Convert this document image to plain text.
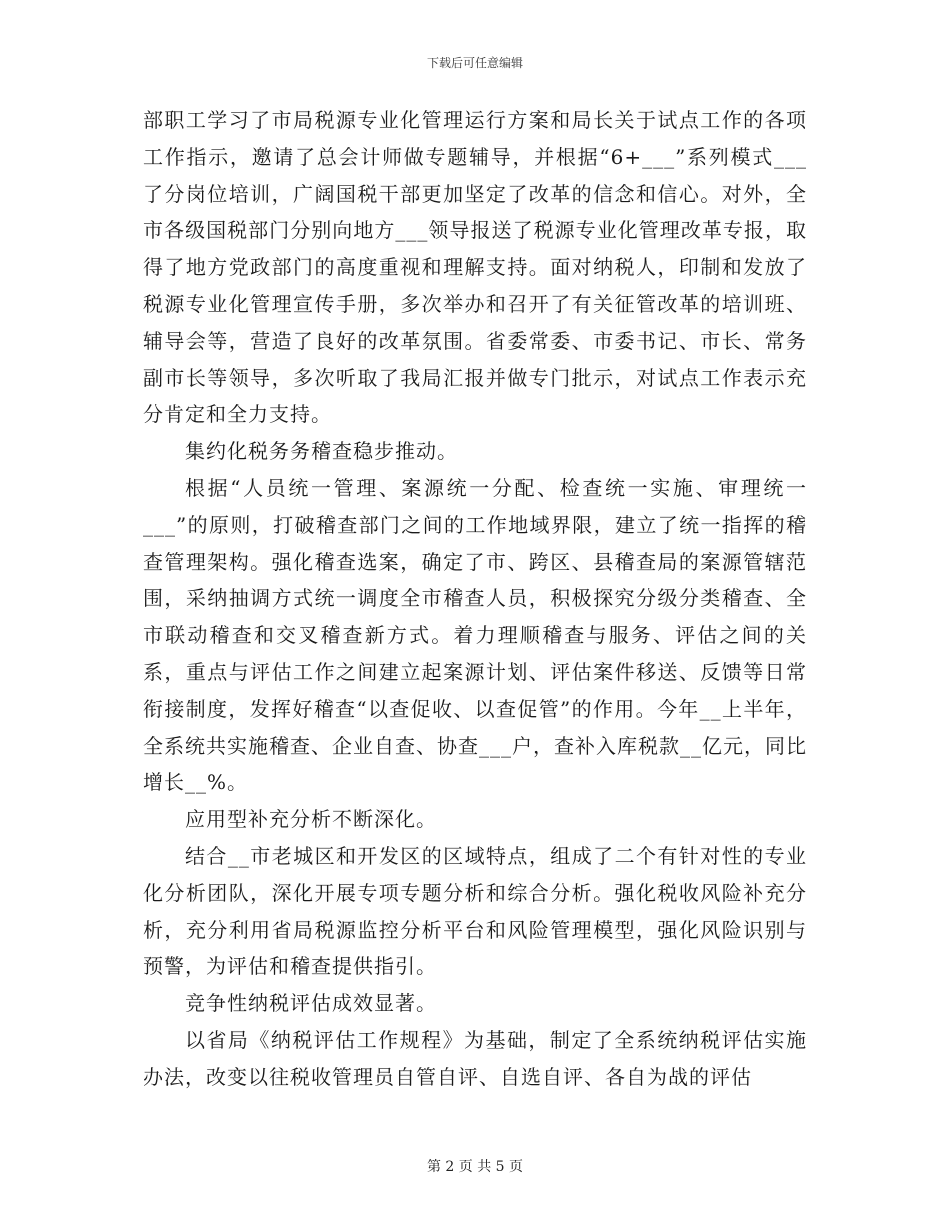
下载后可任意编辑

部职工学习了市局税源专业化管理运行方案和局长关于试点工作的各项工作指示，邀请了总会计师做专题辅导，并根据“6+___”系列模式___了分岗位培训，广阔国税干部更加坚定了改革的信念和信心。对外，全市各级国税部门分别向地方___领导报送了税源专业化管理改革专报，取得了地方党政部门的高度重视和理解支持。面对纳税人，印制和发放了税源专业化管理宣传手册，多次举办和召开了有关征管改革的培训班、辅导会等，营造了良好的改革氛围。省委常委、市委书记、市长、常务副市长等领导，多次听取了我局汇报并做专门批示，对试点工作表示充分肯定和全力支持。

集约化税务务稽查稳步推动。

根据“人员统一管理、案源统一分配、检查统一实施、审理统一___”的原则，打破稽查部门之间的工作地域界限，建立了统一指挥的稽查管理架构。强化稽查选案，确定了市、跨区、县稽查局的案源管辖范围，采纳抽调方式统一调度全市稽查人员，积极探究分级分类稽查、全市联动稽查和交叉稽查新方式。着力理顺稽查与服务、评估之间的关系，重点与评估工作之间建立起案源计划、评估案件移送、反馈等日常衔接制度，发挥好稽查“以查促收、以查促管”的作用。今年__上半年，全系统共实施稽查、企业自查、协查___户，查补入库税款__亿元，同比增长__%。

应用型补充分析不断深化。

结合__市老城区和开发区的区域特点，组成了二个有针对性的专业化分析团队，深化开展专项专题分析和综合分析。强化税收风险补充分析，充分利用省局税源监控分析平台和风险管理模型，强化风险识别与预警，为评估和稽查提供指引。

竞争性纳税评估成效显著。

以省局《纳税评估工作规程》为基础，制定了全系统纳税评估实施办法，改变以往税收管理员自管自评、自选自评、各自为战的评估

第 2 页 共 5 页
